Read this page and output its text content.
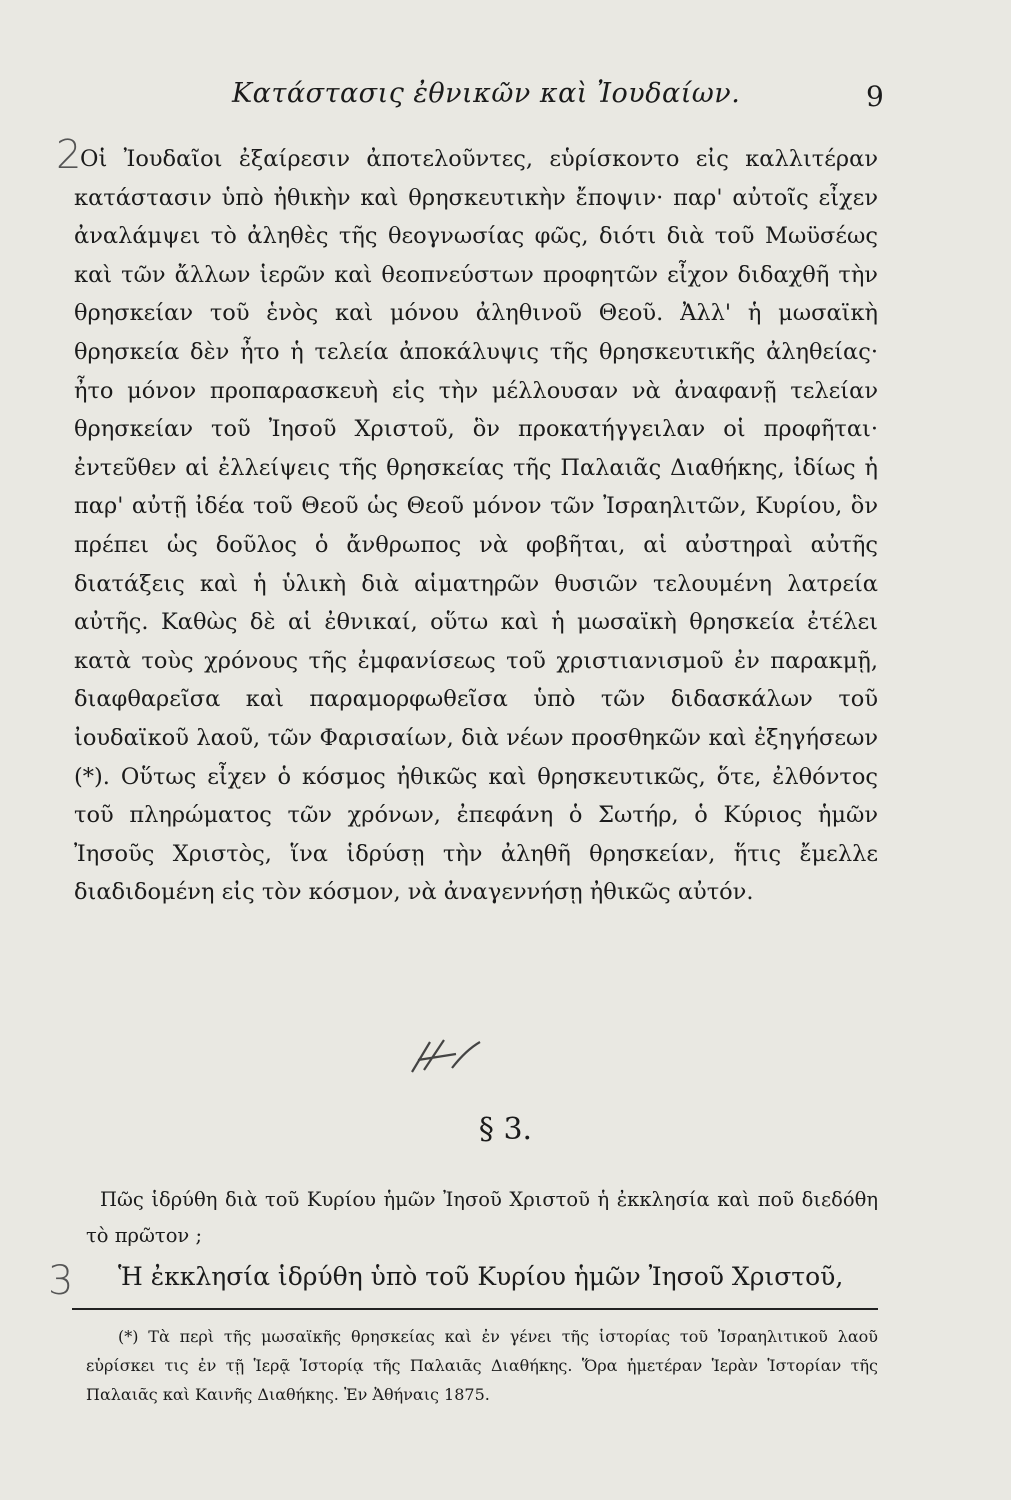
Κατάστασις ἐθνικῶν καὶ Ἰουδαίων.	9
2
Οἱ Ἰουδαῖοι ἐξαίρεσιν ἀποτελοῦντες, εὑρίσκοντο εἰς καλλιτέραν κατάστασιν ὑπὸ ἠθικὴν καὶ θρησκευτικὴν ἔποψιν· παρ' αὐτοῖς εἶχεν ἀναλάμψει τὸ ἀληθὲς τῆς θεογνωσίας φῶς, διότι διὰ τοῦ Μωϋσέως καὶ τῶν ἄλλων ἱερῶν καὶ θεοπνεύστων προφητῶν εἶχον διδαχθῆ τὴν θρησκείαν τοῦ ἑνὸς καὶ μόνου ἀληθινοῦ Θεοῦ. Ἀλλ' ἡ μωσαϊκὴ θρησκεία δὲν ἦτο ἡ τελεία ἀποκάλυψις τῆς θρησκευτικῆς ἀληθείας· ἦτο μόνον προπαρασκευὴ εἰς τὴν μέλλουσαν νὰ ἀναφανῇ τελείαν θρησκείαν τοῦ Ἰησοῦ Χριστοῦ, ὃν προκατήγγειλαν οἱ προφῆται· ἐντεῦθεν αἱ ἐλλείψεις τῆς θρησκείας τῆς Παλαιᾶς Διαθήκης, ἰδίως ἡ παρ' αὐτῇ ἰδέα τοῦ Θεοῦ ὡς Θεοῦ μόνον τῶν Ἰσραηλιτῶν, Κυρίου, ὃν πρέπει ὡς δοῦλος ὁ ἄνθρωπος νὰ φοβῆται, αἱ αὐστηραὶ αὐτῆς διατάξεις καὶ ἡ ὑλικὴ διὰ αἱματηρῶν θυσιῶν τελουμένη λατρεία αὐτῆς. Καθὼς δὲ αἱ ἐθνικαί, οὕτω καὶ ἡ μωσαϊκὴ θρησκεία ἐτέλει κατὰ τοὺς χρόνους τῆς ἐμφανίσεως τοῦ χριστιανισμοῦ ἐν παρακμῇ, διαφθαρεῖσα καὶ παραμορφωθεῖσα ὑπὸ τῶν διδασκάλων τοῦ ἰουδαϊκοῦ λαοῦ, τῶν Φαρισαίων, διὰ νέων προσθηκῶν καὶ ἐξηγήσεων (*). Οὕτως εἶχεν ὁ κόσμος ἠθικῶς καὶ θρησκευτικῶς, ὅτε, ἐλθόντος τοῦ πληρώματος τῶν χρόνων, ἐπεφάνη ὁ Σωτήρ, ὁ Κύριος ἡμῶν Ἰησοῦς Χριστὸς, ἵνα ἱδρύσῃ τὴν ἀληθῆ θρησκείαν, ἥτις ἔμελλε διαδιδομένη εἰς τὸν κόσμον, νὰ ἀναγεννήσῃ ἠθικῶς αὐτόν.
§ 3.
Πῶς ἱδρύθη διὰ τοῦ Κυρίου ἡμῶν Ἰησοῦ Χριστοῦ ἡ ἐκκλησία καὶ ποῦ διεδόθη τὸ πρῶτον ;
3 Ἡ ἐκκλησία ἱδρύθη ὑπὸ τοῦ Κυρίου ἡμῶν Ἰησοῦ Χριστοῦ,
(*) Τὰ περὶ τῆς μωσαϊκῆς θρησκείας καὶ ἐν γένει τῆς ἱστορίας τοῦ Ἰσραηλιτικοῦ λαοῦ εὑρίσκει τις ἐν τῇ Ἱερᾷ Ἱστορίᾳ τῆς Παλαιᾶς Διαθήκης. Ὅρα ἡμετέραν Ἱερὰν Ἱστορίαν τῆς Παλαιᾶς καὶ Καινῆς Διαθήκης. Ἐν Ἀθήναις 1875.
